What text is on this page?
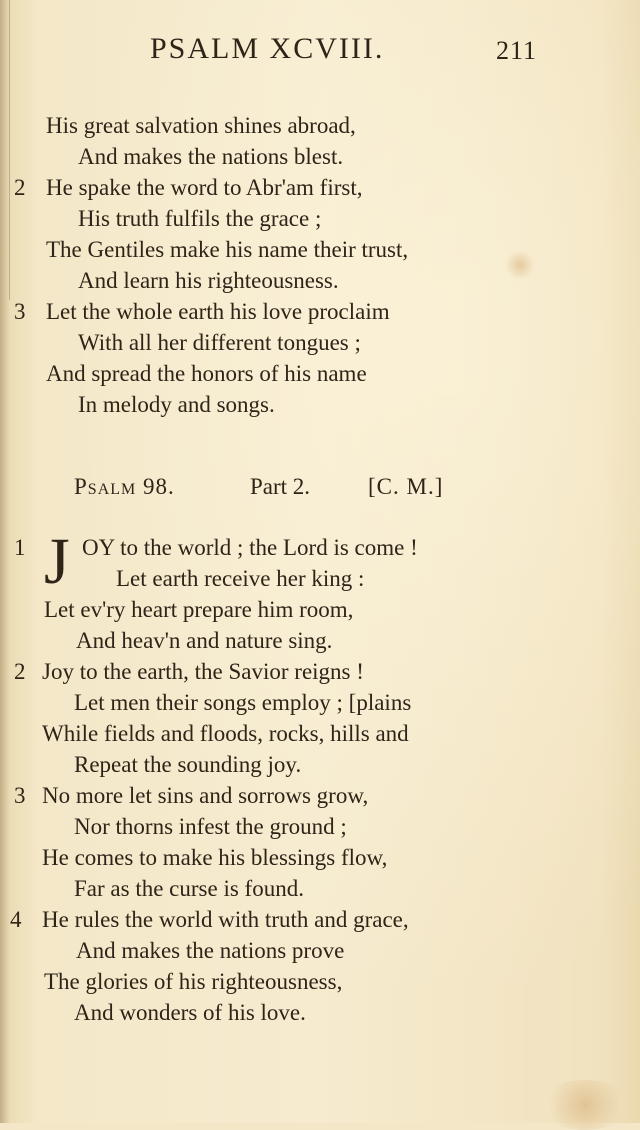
PSALM XCVIII.	211
His great salvation shines abroad,
And makes the nations blest.
2 He spake the word to Abr'am first,
His truth fulfils the grace ;
The Gentiles make his name their trust,
And learn his righteousness.
3 Let the whole earth his love proclaim
With all her different tongues ;
And spread the honors of his name
In melody and songs.
Psalm 98.	Part 2.	[C. M.]
1 J OY to the world ; the Lord is come !
Let earth receive her king :
Let ev'ry heart prepare him room,
And heav'n and nature sing.
2 Joy to the earth, the Savior reigns !
Let men their songs employ ; [plains
While fields and floods, rocks, hills and
Repeat the sounding joy.
3 No more let sins and sorrows grow,
Nor thorns infest the ground ;
He comes to make his blessings flow,
Far as the curse is found.
4 He rules the world with truth and grace,
And makes the nations prove
The glories of his righteousness,
And wonders of his love.
